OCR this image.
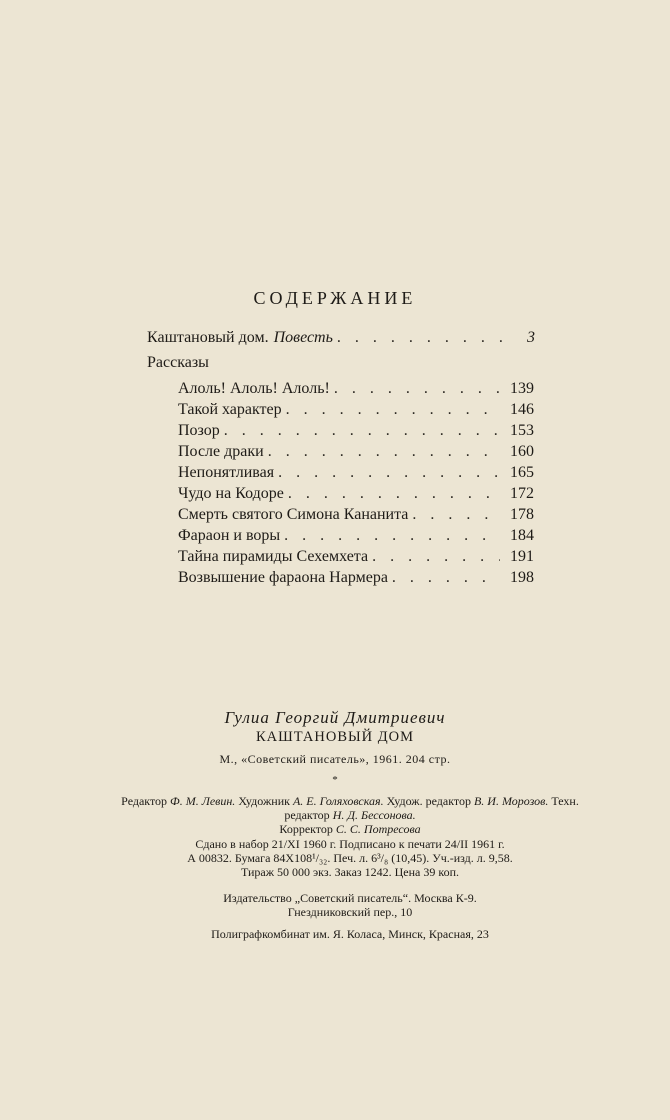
СОДЕРЖАНИЕ
Каштановый дом. Повесть . . .	3
Рассказы
Алоль! Алоль! Алоль! . . .	139
Такой характер . . .	146
Позор . . .	153
После драки . . .	160
Непонятливая . . .	165
Чудо на Кодоре . . .	172
Смерть святого Симона Кананита . . .	178
Фараон и воры . . .	184
Тайна пирамиды Сехемхета . . .	191
Возвышение фараона Нармера . . .	198
Гулиа Георгий Дмитриевич
КАШТАНОВЫЙ ДОМ
М., «Советский писатель», 1961. 204 стр.
*
Редактор Ф. М. Левин. Художник А. Е. Голяховская. Худож. редактор В. И. Морозов. Техн. редактор Н. Д. Бессонова.
Корректор С. С. Потресова
Сдано в набор 21/XI 1960 г. Подписано к печати 24/II 1961 г.
А 00832. Бумага 84X108¹/₃₂. Печ. л. 6³/₈ (10,45). Уч.-изд. л. 9,58.
Тираж 50 000 экз. Заказ 1242. Цена 39 коп.
Издательство „Советский писатель“. Москва К-9.
Гнездниковский пер., 10
Полиграфкомбинат им. Я. Коласа, Минск, Красная, 23
